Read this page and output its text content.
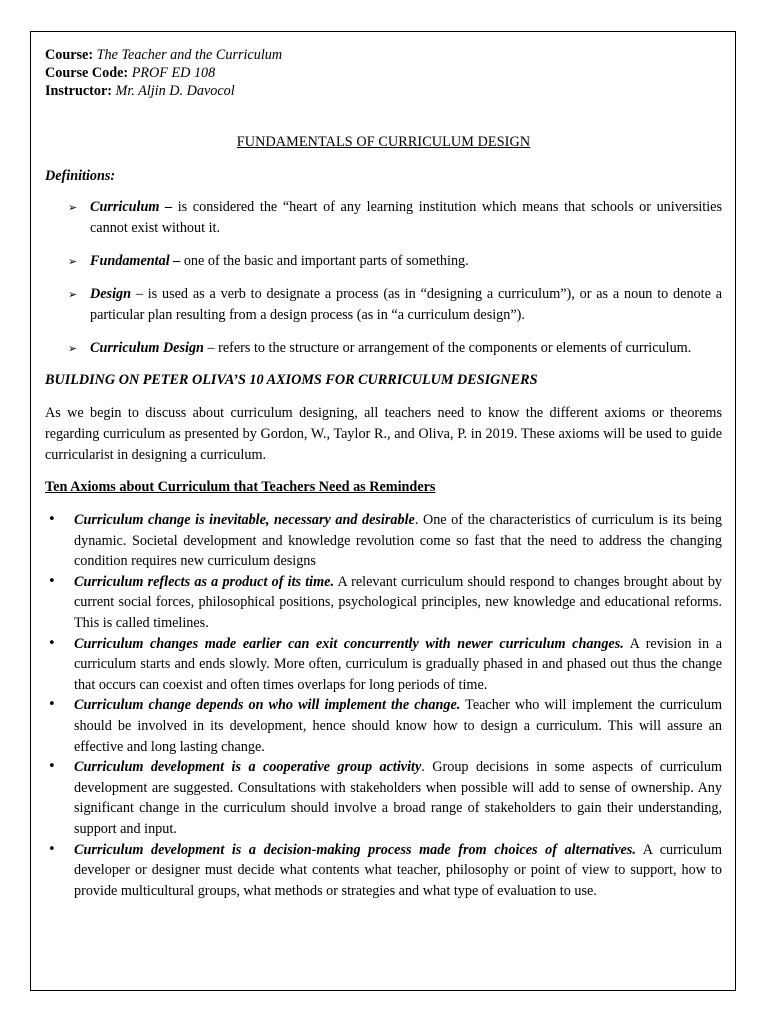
Course: The Teacher and the Curriculum
Course Code: PROF ED 108
Instructor: Mr. Aljin D. Davocol
FUNDAMENTALS OF CURRICULUM DESIGN
Definitions:
➢ Curriculum – is considered the “heart of any learning institution which means that schools or universities cannot exist without it.
➢ Fundamental – one of the basic and important parts of something.
➢ Design – is used as a verb to designate a process (as in “designing a curriculum”), or as a noun to denote a particular plan resulting from a design process (as in “a curriculum design”).
➢ Curriculum Design – refers to the structure or arrangement of the components or elements of curriculum.
BUILDING ON PETER OLIVA’S 10 AXIOMS FOR CURRICULUM DESIGNERS
As we begin to discuss about curriculum designing, all teachers need to know the different axioms or theorems regarding curriculum as presented by Gordon, W., Taylor R., and Oliva, P. in 2019. These axioms will be used to guide curricularist in designing a curriculum.
Ten Axioms about Curriculum that Teachers Need as Reminders
• Curriculum change is inevitable, necessary and desirable. One of the characteristics of curriculum is its being dynamic. Societal development and knowledge revolution come so fast that the need to address the changing condition requires new curriculum designs
• Curriculum reflects as a product of its time. A relevant curriculum should respond to changes brought about by current social forces, philosophical positions, psychological principles, new knowledge and educational reforms. This is called timelines.
• Curriculum changes made earlier can exit concurrently with newer curriculum changes. A revision in a curriculum starts and ends slowly. More often, curriculum is gradually phased in and phased out thus the change that occurs can coexist and often times overlaps for long periods of time.
• Curriculum change depends on who will implement the change. Teacher who will implement the curriculum should be involved in its development, hence should know how to design a curriculum. This will assure an effective and long lasting change.
• Curriculum development is a cooperative group activity. Group decisions in some aspects of curriculum development are suggested. Consultations with stakeholders when possible will add to sense of ownership. Any significant change in the curriculum should involve a broad range of stakeholders to gain their understanding, support and input.
• Curriculum development is a decision-making process made from choices of alternatives. A curriculum developer or designer must decide what contents what teacher, philosophy or point of view to support, how to provide multicultural groups, what methods or strategies and what type of evaluation to use.
